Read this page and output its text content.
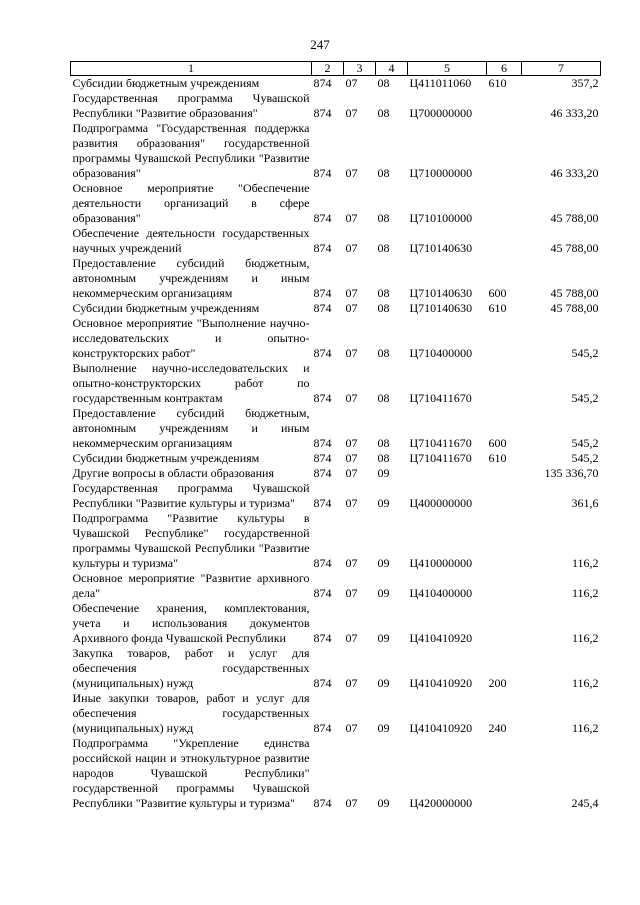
247
1	2	3	4	5	6	7
Субсидии бюджетным учреждениям	874	07	08	Ц411011060	610	357,2
Государственная программа Чувашской Республики "Развитие образования"	874	07	08	Ц700000000		46 333,20
Подпрограмма "Государственная поддержка развития образования" государственной программы Чувашской Республики "Развитие образования"	874	07	08	Ц710000000		46 333,20
Основное мероприятие "Обеспечение деятельности организаций в сфере образования"	874	07	08	Ц710100000		45 788,00
Обеспечение деятельности государственных научных учреждений	874	07	08	Ц710140630		45 788,00
Предоставление субсидий бюджетным, автономным учреждениям и иным некоммерческим организациям	874	07	08	Ц710140630	600	45 788,00
Субсидии бюджетным учреждениям	874	07	08	Ц710140630	610	45 788,00
Основное мероприятие "Выполнение научно-исследовательских и опытно-конструкторских работ"	874	07	08	Ц710400000		545,2
Выполнение научно-исследовательских и опытно-конструкторских работ по государственным контрактам	874	07	08	Ц710411670		545,2
Предоставление субсидий бюджетным, автономным учреждениям и иным некоммерческим организациям	874	07	08	Ц710411670	600	545,2
Субсидии бюджетным учреждениям	874	07	08	Ц710411670	610	545,2
Другие вопросы в области образования	874	07	09			135 336,70
Государственная программа Чувашской Республики "Развитие культуры и туризма"	874	07	09	Ц400000000		361,6
Подпрограмма "Развитие культуры в Чувашской Республике" государственной программы Чувашской Республики "Развитие культуры и туризма"	874	07	09	Ц410000000		116,2
Основное мероприятие "Развитие архивного дела"	874	07	09	Ц410400000		116,2
Обеспечение хранения, комплектования, учета и использования документов Архивного фонда Чувашской Республики	874	07	09	Ц410410920		116,2
Закупка товаров, работ и услуг для обеспечения государственных (муниципальных) нужд	874	07	09	Ц410410920	200	116,2
Иные закупки товаров, работ и услуг для обеспечения государственных (муниципальных) нужд	874	07	09	Ц410410920	240	116,2
Подпрограмма "Укрепление единства российской нации и этнокультурное развитие народов Чувашской Республики" государственной программы Чувашской Республики "Развитие культуры и туризма"	874	07	09	Ц420000000		245,4
